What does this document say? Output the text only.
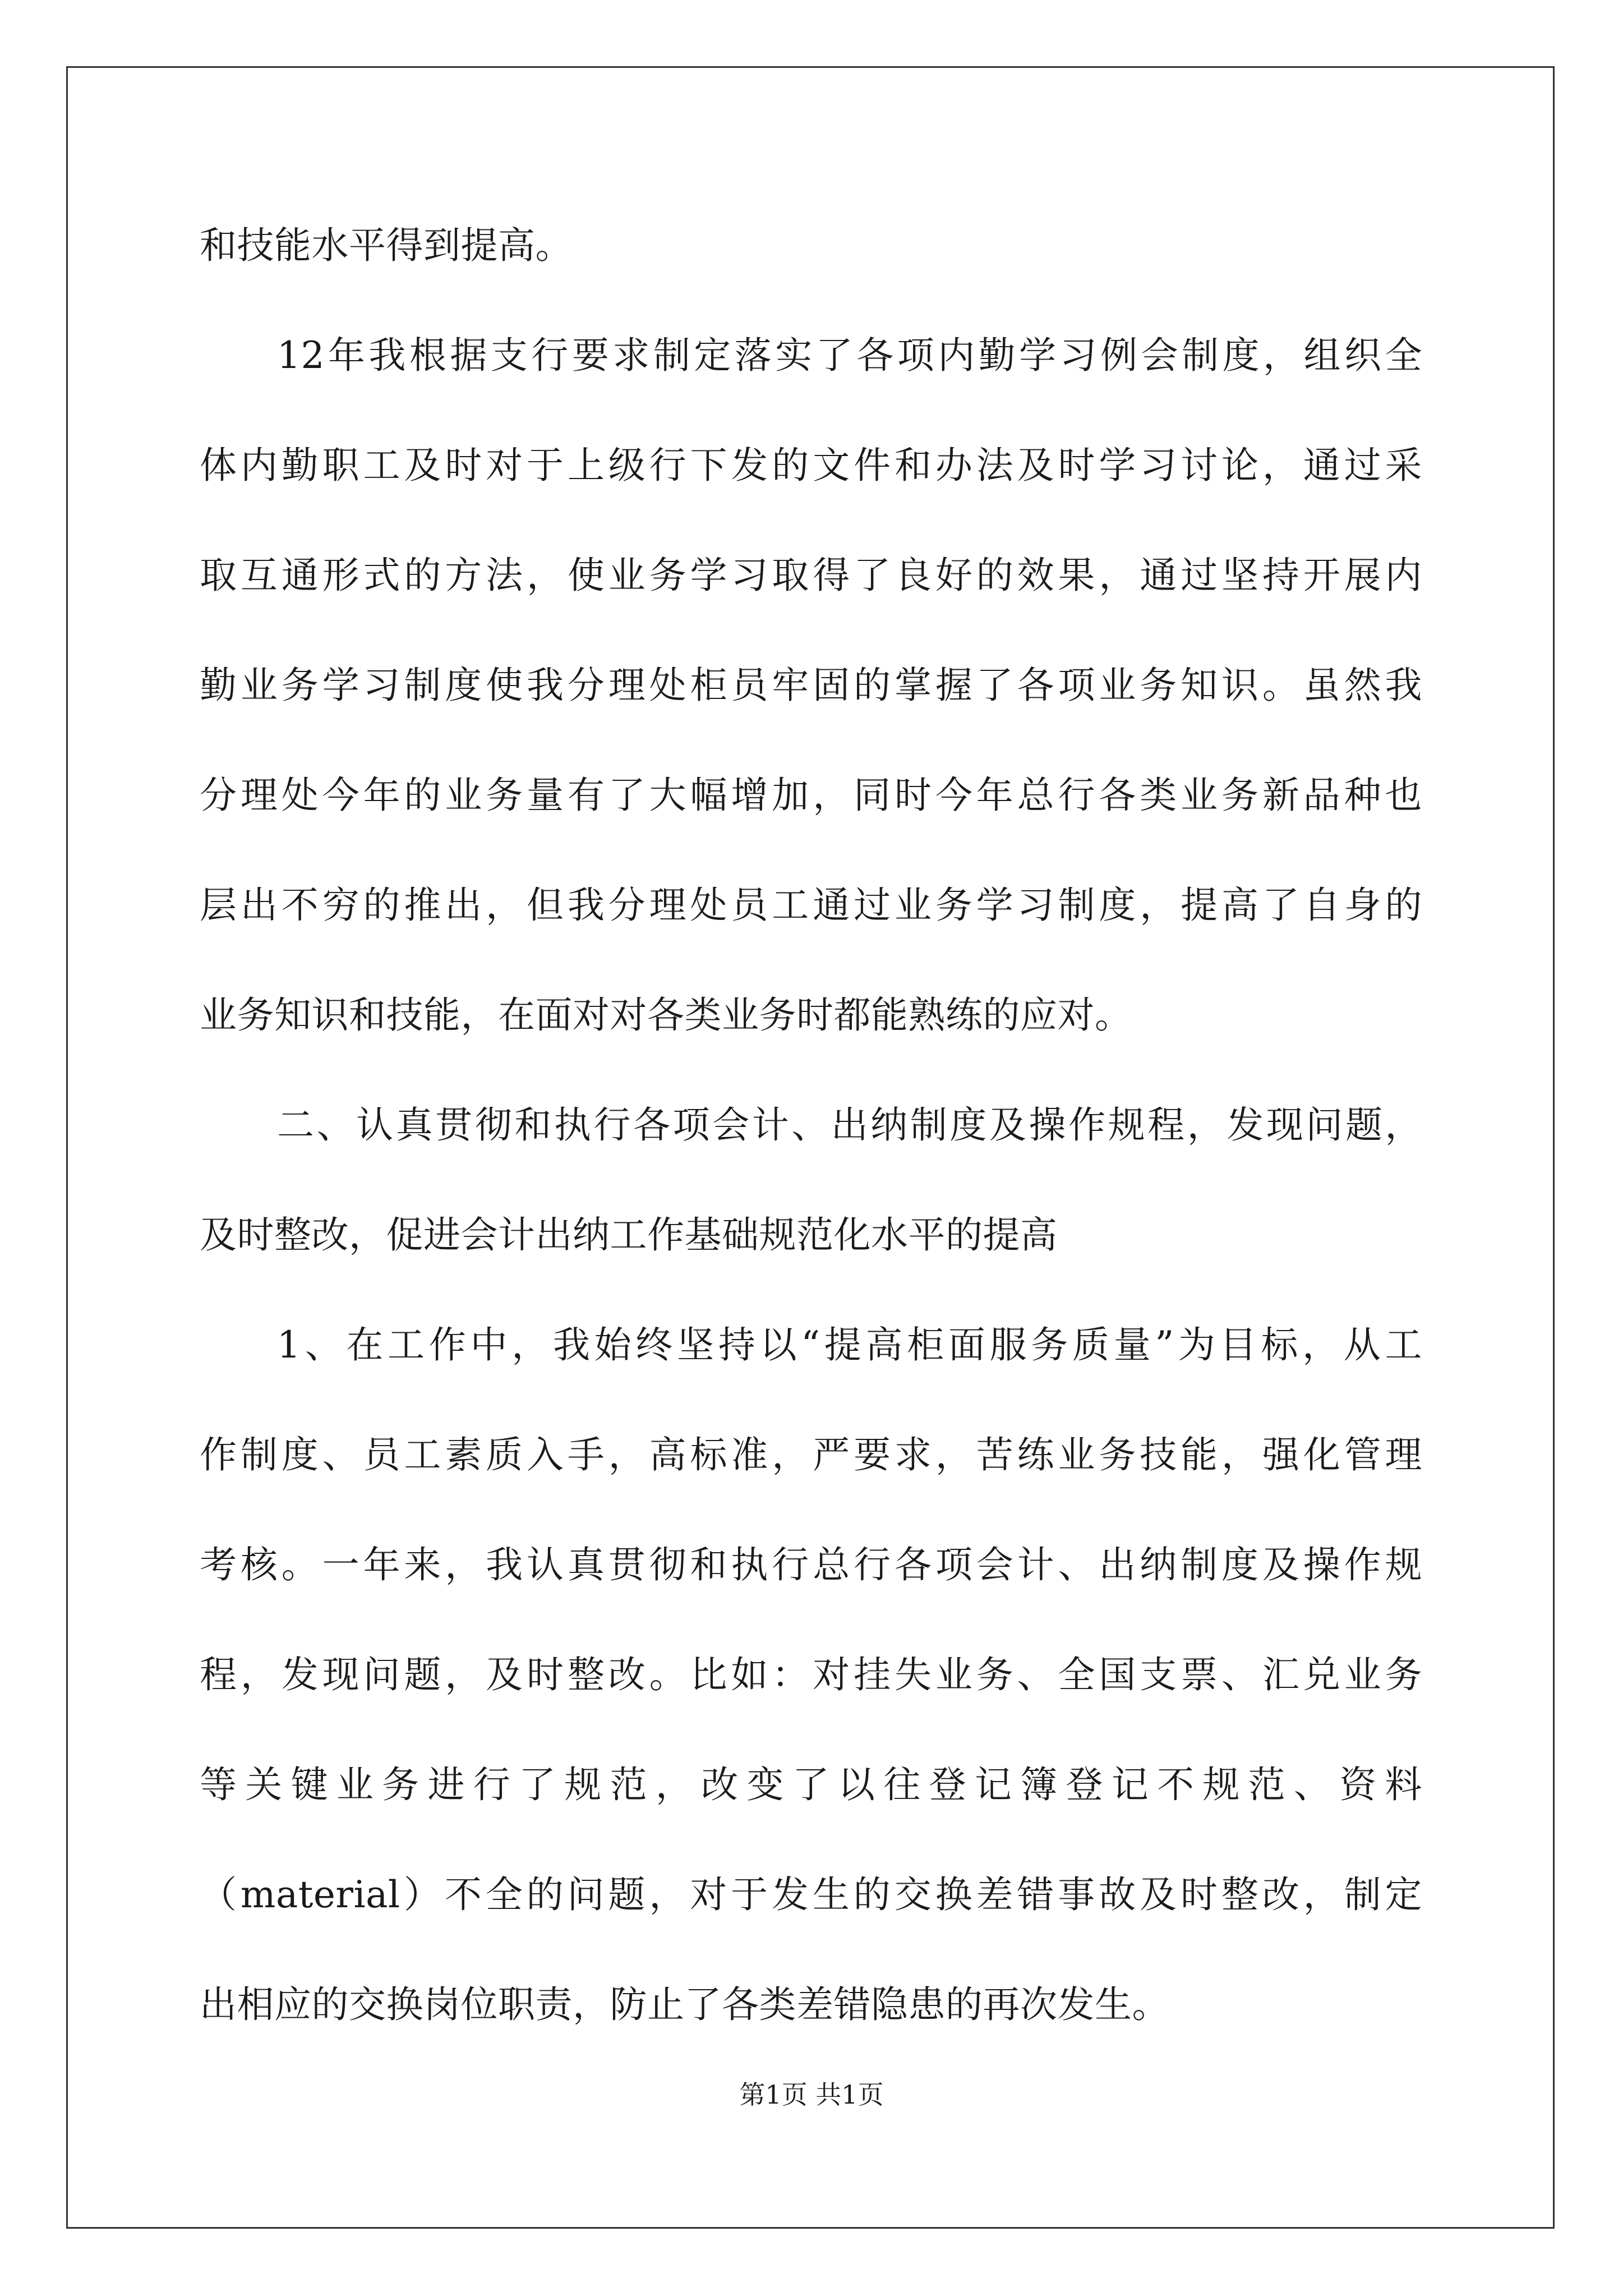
和技能水平得到提高。
12年我根据支行要求制定落实了各项内勤学习例会制度，组织全
体内勤职工及时对于上级行下发的文件和办法及时学习讨论，通过采
取互通形式的方法，使业务学习取得了良好的效果，通过坚持开展内
勤业务学习制度使我分理处柜员牢固的掌握了各项业务知识。虽然我
分理处今年的业务量有了大幅增加，同时今年总行各类业务新品种也
层出不穷的推出，但我分理处员工通过业务学习制度，提高了自身的
业务知识和技能，在面对对各类业务时都能熟练的应对。
二、认真贯彻和执行各项会计、出纳制度及操作规程，发现问题，
及时整改，促进会计出纳工作基础规范化水平的提高
1、在工作中，我始终坚持以“提高柜面服务质量”为目标，从工
作制度、员工素质入手，高标准，严要求，苦练业务技能，强化管理
考核。一年来，我认真贯彻和执行总行各项会计、出纳制度及操作规
程，发现问题，及时整改。比如：对挂失业务、全国支票、汇兑业务
等关键业务进行了规范，改变了以往登记簿登记不规范、资料
（material）不全的问题，对于发生的交换差错事故及时整改，制定
出相应的交换岗位职责，防止了各类差错隐患的再次发生。
第1页 共1页
